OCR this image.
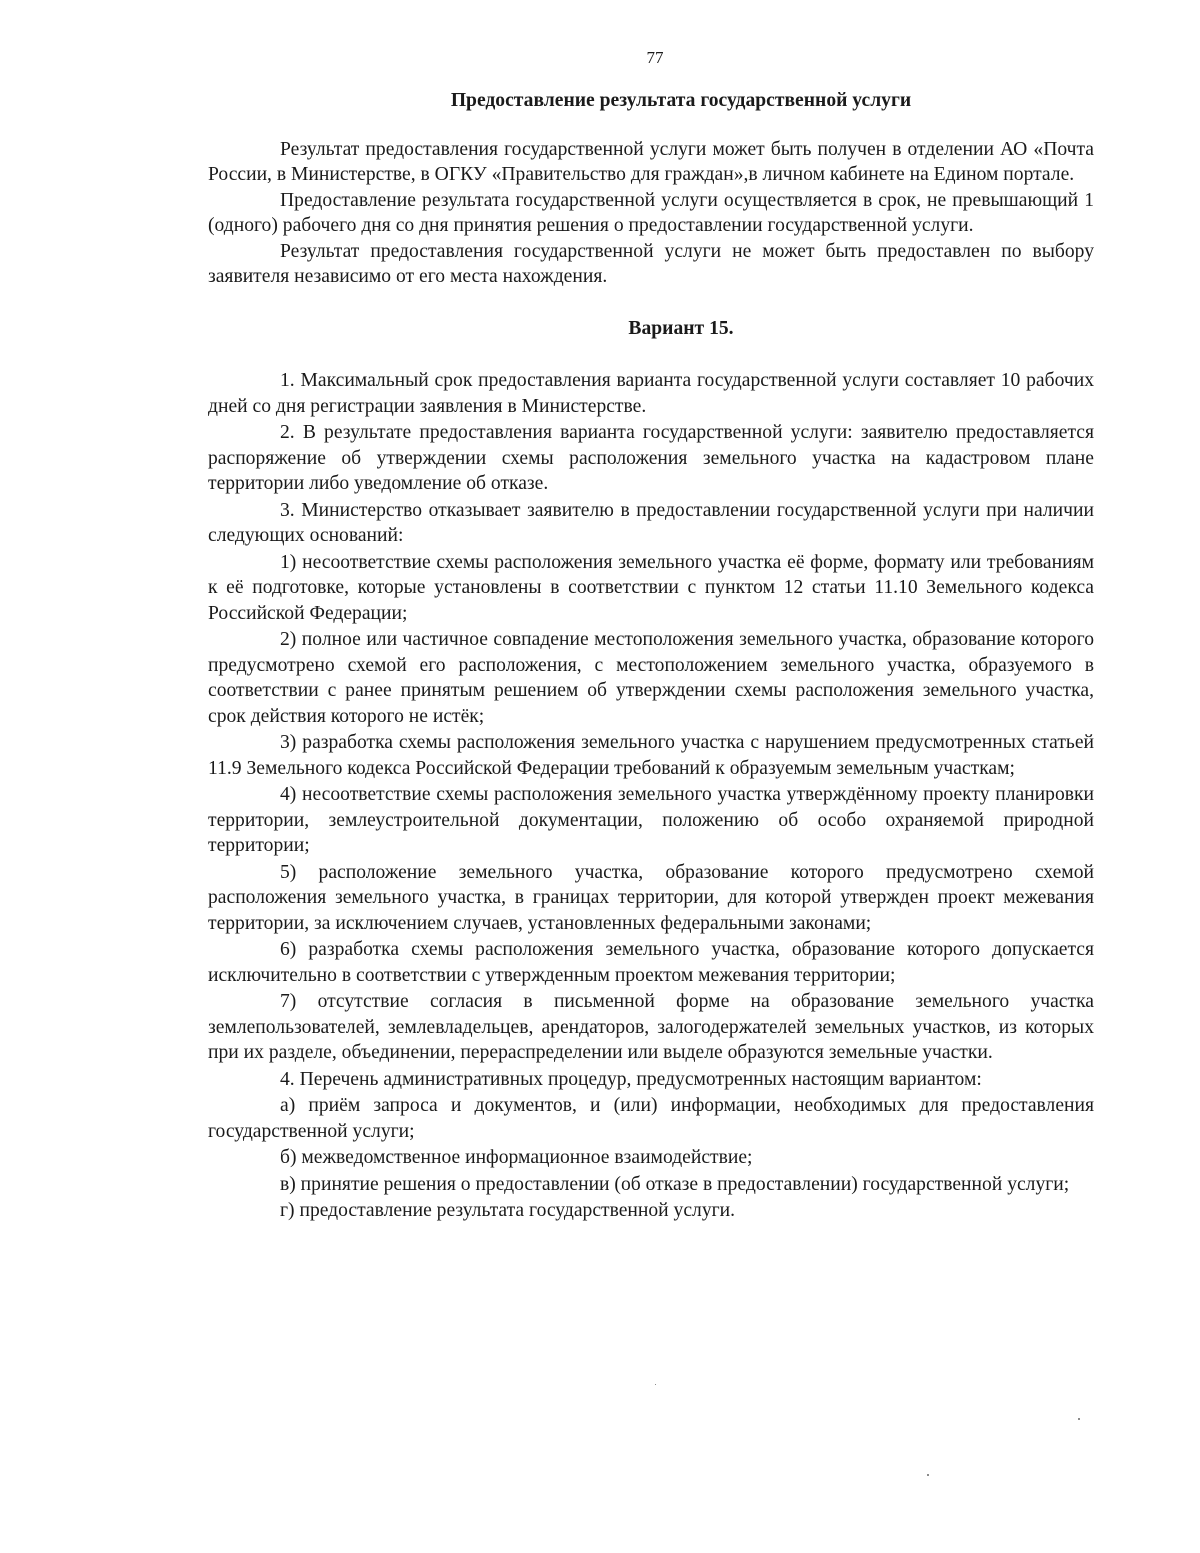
77
Предоставление результата государственной услуги

Результат предоставления государственной услуги может быть получен в отделении АО «Почта России, в Министерстве, в ОГКУ «Правительство для граждан»,в личном кабинете на Едином портале.

Предоставление результата государственной услуги осуществляется в срок, не превышающий 1 (одного) рабочего дня со дня принятия решения о предоставлении государственной услуги.

Результат предоставления государственной услуги не может быть предоставлен по выбору заявителя независимо от его места нахождения.

Вариант 15.

1. Максимальный срок предоставления варианта государственной услуги составляет 10 рабочих дней со дня регистрации заявления в Министерстве.

2. В результате предоставления варианта государственной услуги: заявителю предоставляется распоряжение об утверждении схемы расположения земельного участка на кадастровом плане территории либо уведомление об отказе.

3. Министерство отказывает заявителю в предоставлении государственной услуги при наличии следующих оснований:

1) несоответствие схемы расположения земельного участка её форме, формату или требованиям к её подготовке, которые установлены в соответствии с пунктом 12 статьи 11.10 Земельного кодекса Российской Федерации;

2) полное или частичное совпадение местоположения земельного участка, образование которого предусмотрено схемой его расположения, с местоположением земельного участка, образуемого в соответствии с ранее принятым решением об утверждении схемы расположения земельного участка, срок действия которого не истёк;

3) разработка схемы расположения земельного участка с нарушением предусмотренных статьей 11.9 Земельного кодекса Российской Федерации требований к образуемым земельным участкам;

4) несоответствие схемы расположения земельного участка утверждённому проекту планировки территории, землеустроительной документации, положению об особо охраняемой природной территории;

5) расположение земельного участка, образование которого предусмотрено схемой расположения земельного участка, в границах территории, для которой утвержден проект межевания территории, за исключением случаев, установленных федеральными законами;

6) разработка схемы расположения земельного участка, образование которого допускается исключительно в соответствии с утвержденным проектом межевания территории;

7) отсутствие согласия в письменной форме на образование земельного участка землепользователей, землевладельцев, арендаторов, залогодержателей земельных участков, из которых при их разделе, объединении, перераспределении или выделе образуются земельные участки.

4. Перечень административных процедур, предусмотренных настоящим вариантом:

а) приём запроса и документов, и (или) информации, необходимых для предоставления государственной услуги;

б) межведомственное информационное взаимодействие;

в) принятие решения о предоставлении (об отказе в предоставлении) государственной услуги;

г) предоставление результата государственной услуги.
